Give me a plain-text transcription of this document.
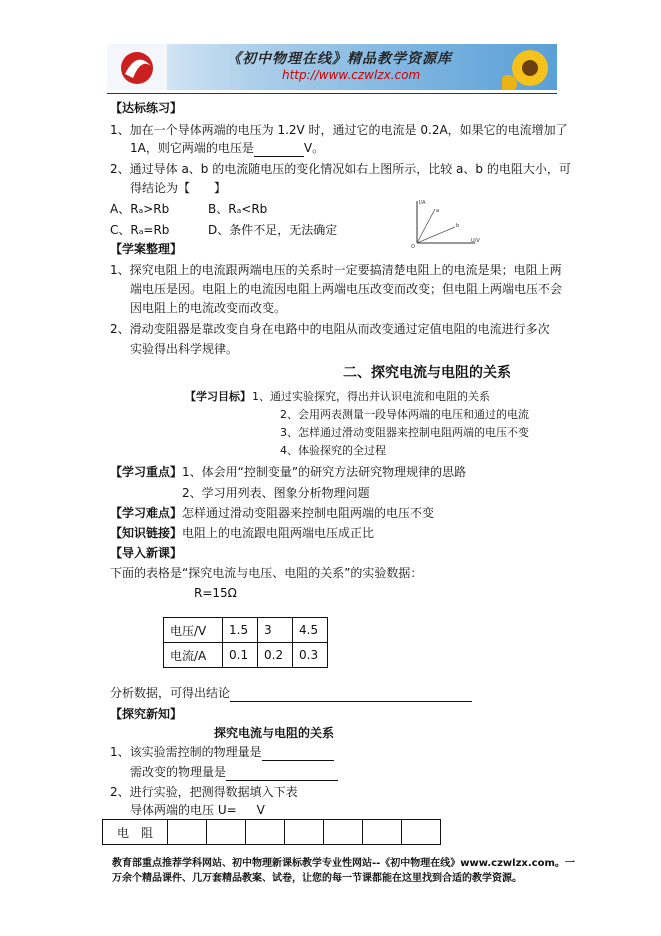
《初中物理在线》精品教学资源库
http://www.czwlzx.com
【达标练习】
1、加在一个导体两端的电压为 1.2V 时，通过它的电流是 0.2A，如果它的电流增加了
1A，则它两端的电压是	V。
2、通过导体 a、b 的电流随电压的变化情况如右上图所示，比较 a、b 的电阻大小，可
得结论为【　　】
A、Rₐ>Rb	B、Rₐ<Rb
C、Rₐ=Rb	D、条件不足，无法确定
I/A
U/V
O
a
b
【学案整理】
1、探究电阻上的电流跟两端电压的关系时一定要搞清楚电阻上的电流是果；电阻上两
端电压是因。电阻上的电流因电阻上两端电压改变而改变；但电阻上两端电压不会
因电阻上的电流改变而改变。
2、滑动变阻器是靠改变自身在电路中的电阻从而改变通过定值电阻的电流进行多次
实验得出科学规律。
二、探究电流与电阻的关系
【学习目标】 1、通过实验探究，得出并认识电流和电阻的关系
2、会用两表测量一段导体两端的电压和通过的电流
3、怎样通过滑动变阻器来控制电阻两端的电压不变
4、体验探究的全过程
【学习重点】1、体会用“控制变量”的研究方法研究物理规律的思路
2、学习用列表、图象分析物理问题
【学习难点】怎样通过滑动变阻器来控制电阻两端的电压不变
【知识链接】电阻上的电流跟电阻两端电压成正比
【导入新课】
下面的表格是“探究电流与电压、电阻的关系”的实验数据：
R=15Ω
电压/V	1.5	3	4.5
电流/A	0.1	0.2	0.3
分析数据，可得出结论
【探究新知】
探究电流与电阻的关系
1、该实验需控制的物理量是
需改变的物理量是
2、进行实验，把测得数据填入下表
导体两端的电压 U= V
电　阻							
教育部重点推荐学科网站、初中物理新课标教学专业性网站--《初中物理在线》www.czwlzx.com。一
万余个精品课件、几万套精品教案、试卷，让您的每一节课都能在这里找到合适的教学资源。
